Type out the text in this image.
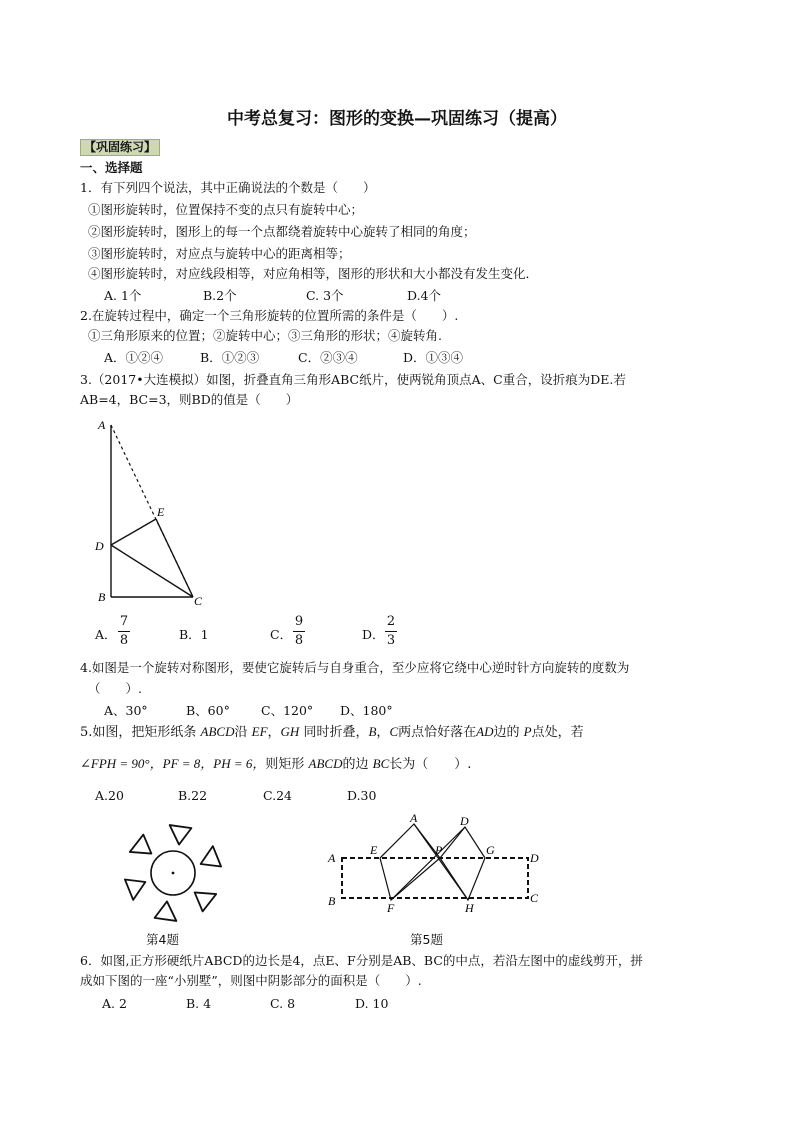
中考总复习：图形的变换—巩固练习（提高）
【巩固练习】
一、选择题
1．有下列四个说法，其中正确说法的个数是（　　）
①图形旋转时，位置保持不变的点只有旋转中心；
②图形旋转时，图形上的每一个点都绕着旋转中心旋转了相同的角度；
③图形旋转时，对应点与旋转中心的距离相等；
④图形旋转时，对应线段相等，对应角相等，图形的形状和大小都没有发生变化．
A. 1个	B.2个	C. 3个	D.4个
2.在旋转过程中，确定一个三角形旋转的位置所需的条件是（　　）.
①三角形原来的位置；②旋转中心；③三角形的形状；④旋转角.
A．①②④	B．①②③	C．②③④	D．①③④
3.（2017•大连模拟）如图，折叠直角三角形ABC纸片，使两锐角顶点A、C重合，设折痕为DE.若
AB=4，BC=3，则BD的值是（　　）
A
B	C
D
E
A．
7
8	B．1	C．
9
8	D．
2
3
4.如图是一个旋转对称图形，要使它旋转后与自身重合，至少应将它绕中心逆时针方向旋转的度数为
（　　）.
A、30°	B、60° C、120° D、180°
5.如图，把矩形纸条 ABCD沿 EF，GH 同时折叠，B，C两点恰好落在AD边的 P点处，若
∠FPH = 90°，PF = 8，PH = 6，则矩形 ABCD的边 BC长为（　　）.
A.20	B.22	C.24	D.30
第4题
A	D
E	P	G
D
A
B	F	H
C
第5题
6．如图,正方形硬纸片ABCD的边长是4，点E、F分别是AB、BC的中点，若沿左图中的虚线剪开，拼
成如下图的一座“小别墅”，则图中阴影部分的面积是（　　）.
A. 2	B. 4	C. 8	D. 10
